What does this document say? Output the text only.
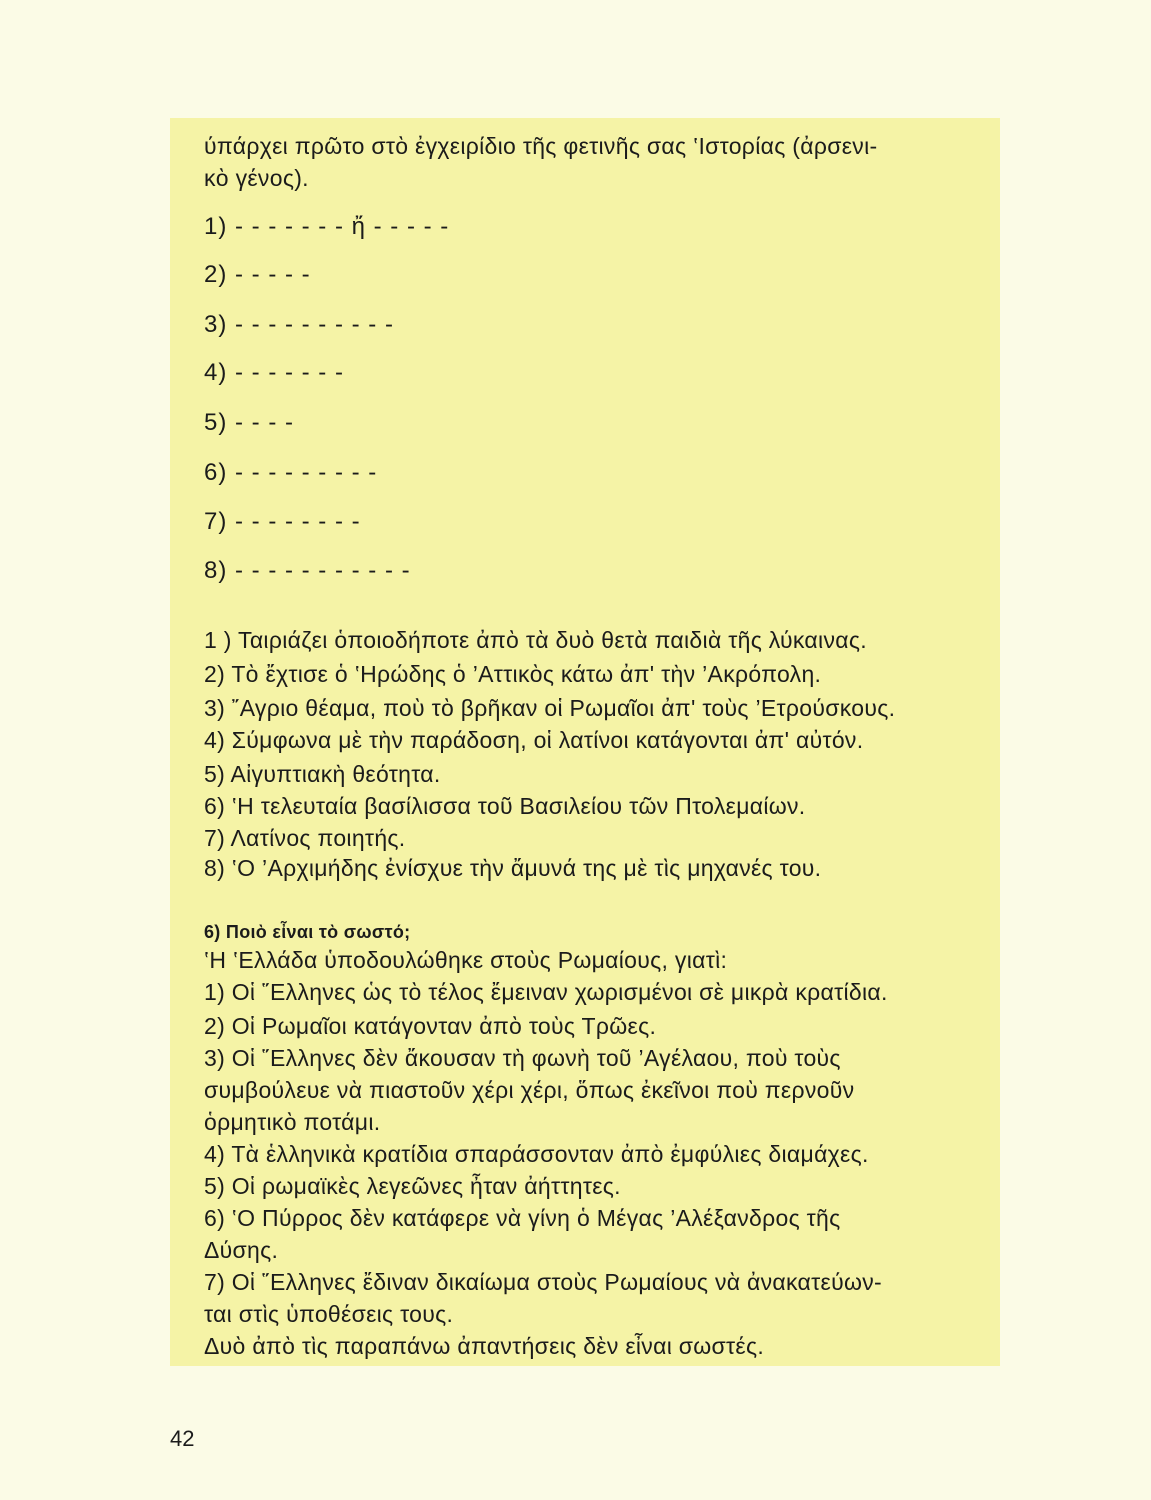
ύπάρχει πρῶτο στὸ ἐγχειρίδιο τῆς φετινῆς σας ‛Ιστορίας (ἀρσενι-
κὸ γένος).
1) - - - - - - - ἤ - - - - -
2) - - - - -
3) - - - - - - - - - -
4) - - - - - - -
5) - - - -
6) - - - - - - - - -
7) - - - - - - - -
8) - - - - - - - - - - -
1 ) Ταιριάζει ὁποιοδήποτε ἀπὸ τὰ δυὸ θετὰ παιδιὰ τῆς λύκαινας.
2) Τὸ ἔχτισε ὁ ‛Ηρώδης ὁ ’Αττικὸς κάτω ἀπ' τὴν ’Ακρόπολη.
3) ῎Αγριο θέαμα, ποὺ τὸ βρῆκαν οἱ Ρωμαῖοι ἀπ' τοὺς ’Ετρούσκους.
4) Σύμφωνα μὲ τὴν παράδοση, οἱ λατίνοι κατάγονται ἀπ' αὐτόν.
5) Αἰγυπτιακὴ θεότητα.
6) ‛Η τελευταία βασίλισσα τοῦ Βασιλείου τῶν Πτολεμαίων.
7) Λατίνος ποιητής.
8) ‛Ο ’Αρχιμήδης ἐνίσχυε τὴν ἄμυνά της μὲ τὶς μηχανές του.
6) Ποιὸ εἶναι τὸ σωστό;
‛Η ‛Ελλάδα ὑποδουλώθηκε στοὺς Ρωμαίους, γιατὶ:
1) Οἱ ῞Ελληνες ὡς τὸ τέλος ἔμειναν χωρισμένοι σὲ μικρὰ κρατίδια.
2) Οἱ Ρωμαῖοι κατάγονταν ἀπὸ τοὺς Τρῶες.
3) Οἱ ῞Ελληνες δὲν ἄκουσαν τὴ φωνὴ τοῦ ’Αγέλαου, ποὺ τοὺς
συμβούλευε νὰ πιαστοῦν χέρι χέρι, ὅπως ἐκεῖνοι ποὺ περνοῦν
ὁρμητικὸ ποτάμι.
4) Τὰ ἑλληνικὰ κρατίδια σπαράσσονταν ἀπὸ ἐμφύλιες διαμάχες.
5) Οἱ ρωμαϊκὲς λεγεῶνες ἦταν ἀήττητες.
6) ‛Ο Πύρρος δὲν κατάφερε νὰ γίνη ὁ Μέγας ’Αλέξανδρος τῆς
Δύσης.
7) Οἱ ῞Ελληνες ἔδιναν δικαίωμα στοὺς Ρωμαίους νὰ ἀνακατεύων-
ται στὶς ὑποθέσεις τους.
Δυὸ ἀπὸ τὶς παραπάνω ἀπαντήσεις δὲν εἶναι σωστές.
42
